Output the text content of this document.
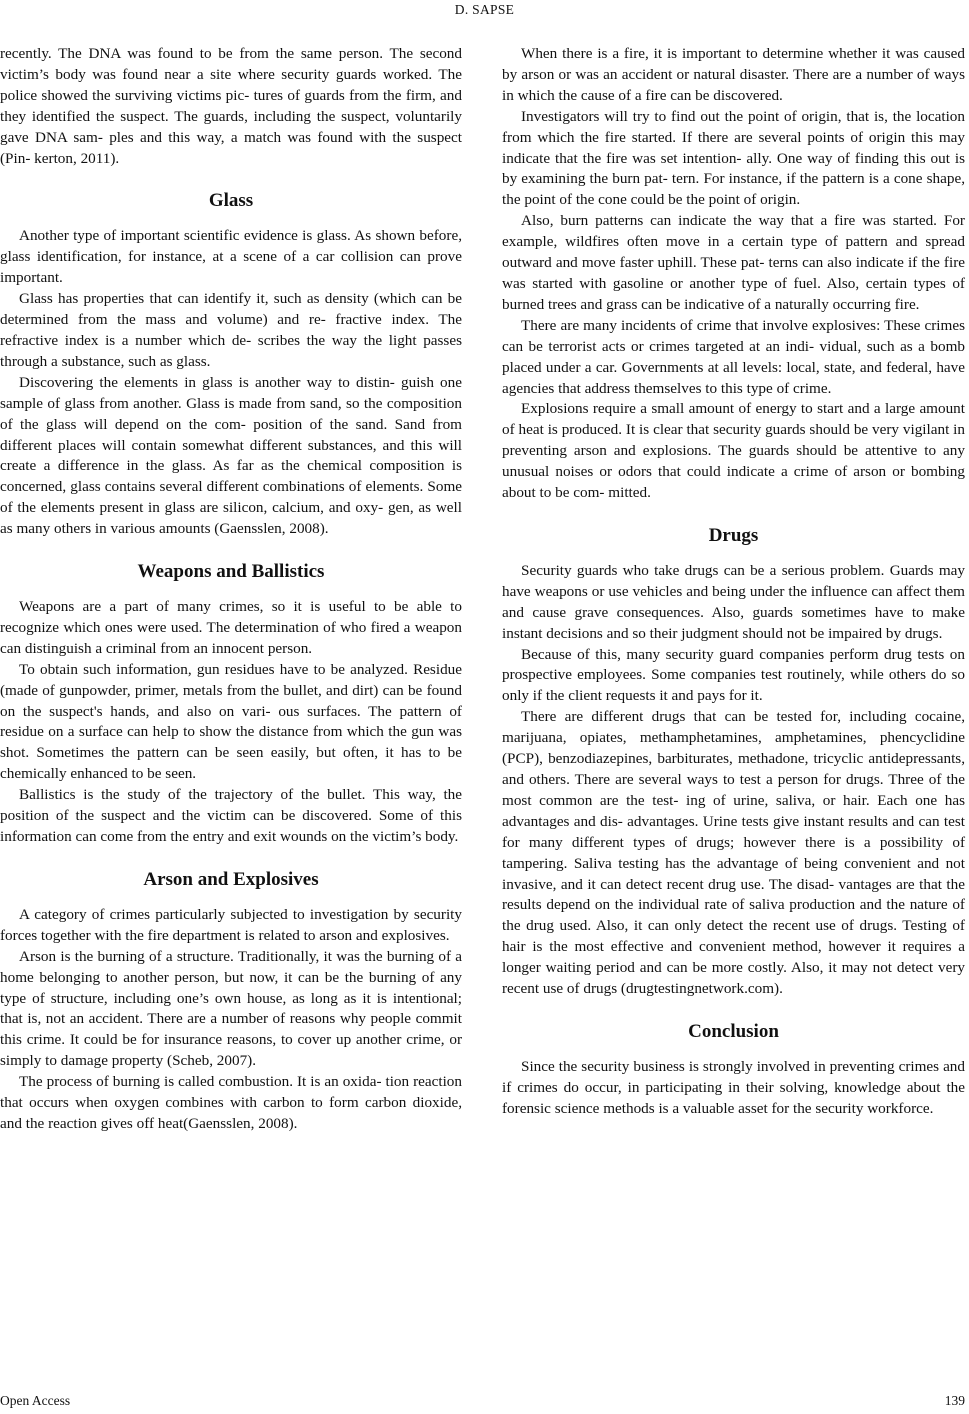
D. SAPSE

recently. The DNA was found to be from the same person. The second victim’s body was found near a site where security guards worked. The police showed the surviving victims pic- tures of guards from the firm, and they identified the suspect. The guards, including the suspect, voluntarily gave DNA sam- ples and this way, a match was found with the suspect (Pin- kerton, 2011).

Glass

Another type of important scientific evidence is glass. As shown before, glass identification, for instance, at a scene of a car collision can prove important.

Glass has properties that can identify it, such as density (which can be determined from the mass and volume) and re- fractive index. The refractive index is a number which de- scribes the way the light passes through a substance, such as glass.

Discovering the elements in glass is another way to distin- guish one sample of glass from another. Glass is made from sand, so the composition of the glass will depend on the com- position of the sand. Sand from different places will contain somewhat different substances, and this will create a difference in the glass. As far as the chemical composition is concerned, glass contains several different combinations of elements. Some of the elements present in glass are silicon, calcium, and oxy- gen, as well as many others in various amounts (Gaensslen, 2008).

Weapons and Ballistics

Weapons are a part of many crimes, so it is useful to be able to recognize which ones were used. The determination of who fired a weapon can distinguish a criminal from an innocent person.

To obtain such information, gun residues have to be analyzed. Residue (made of gunpowder, primer, metals from the bullet, and dirt) can be found on the suspect's hands, and also on vari- ous surfaces. The pattern of residue on a surface can help to show the distance from which the gun was shot. Sometimes the pattern can be seen easily, but often, it has to be chemically enhanced to be seen.

Ballistics is the study of the trajectory of the bullet. This way, the position of the suspect and the victim can be discovered. Some of this information can come from the entry and exit wounds on the victim’s body.

Arson and Explosives

A category of crimes particularly subjected to investigation by security forces together with the fire department is related to arson and explosives.

Arson is the burning of a structure. Traditionally, it was the burning of a home belonging to another person, but now, it can be the burning of any type of structure, including one’s own house, as long as it is intentional; that is, not an accident. There are a number of reasons why people commit this crime. It could be for insurance reasons, to cover up another crime, or simply to damage property (Scheb, 2007).

The process of burning is called combustion. It is an oxida- tion reaction that occurs when oxygen combines with carbon to form carbon dioxide, and the reaction gives off heat(Gaensslen, 2008).

When there is a fire, it is important to determine whether it was caused by arson or was an accident or natural disaster. There are a number of ways in which the cause of a fire can be discovered.

Investigators will try to find out the point of origin, that is, the location from which the fire started. If there are several points of origin this may indicate that the fire was set intention- ally. One way of finding this out is by examining the burn pat- tern. For instance, if the pattern is a cone shape, the point of the cone could be the point of origin.

Also, burn patterns can indicate the way that a fire was started. For example, wildfires often move in a certain type of pattern and spread outward and move faster uphill. These pat- terns can also indicate if the fire was started with gasoline or another type of fuel. Also, certain types of burned trees and grass can be indicative of a naturally occurring fire.

There are many incidents of crime that involve explosives: These crimes can be terrorist acts or crimes targeted at an indi- vidual, such as a bomb placed under a car. Governments at all levels: local, state, and federal, have agencies that address themselves to this type of crime.

Explosions require a small amount of energy to start and a large amount of heat is produced. It is clear that security guards should be very vigilant in preventing arson and explosions. The guards should be attentive to any unusual noises or odors that could indicate a crime of arson or bombing about to be com- mitted.

Drugs

Security guards who take drugs can be a serious problem. Guards may have weapons or use vehicles and being under the influence can affect them and cause grave consequences. Also, guards sometimes have to make instant decisions and so their judgment should not be impaired by drugs.

Because of this, many security guard companies perform drug tests on prospective employees. Some companies test routinely, while others do so only if the client requests it and pays for it.

There are different drugs that can be tested for, including cocaine, marijuana, opiates, methamphetamines, amphetamines, phencyclidine (PCP), benzodiazepines, barbiturates, methadone, tricyclic antidepressants, and others. There are several ways to test a person for drugs. Three of the most common are the test- ing of urine, saliva, or hair. Each one has advantages and dis- advantages. Urine tests give instant results and can test for many different types of drugs; however there is a possibility of tampering. Saliva testing has the advantage of being convenient and not invasive, and it can detect recent drug use. The disad- vantages are that the results depend on the individual rate of saliva production and the nature of the drug used. Also, it can only detect the recent use of drugs. Testing of hair is the most effective and convenient method, however it requires a longer waiting period and can be more costly. Also, it may not detect very recent use of drugs (drugtestingnetwork.com).

Conclusion

Since the security business is strongly involved in preventing crimes and if crimes do occur, in participating in their solving, knowledge about the forensic science methods is a valuable asset for the security workforce.

Open Access	139
